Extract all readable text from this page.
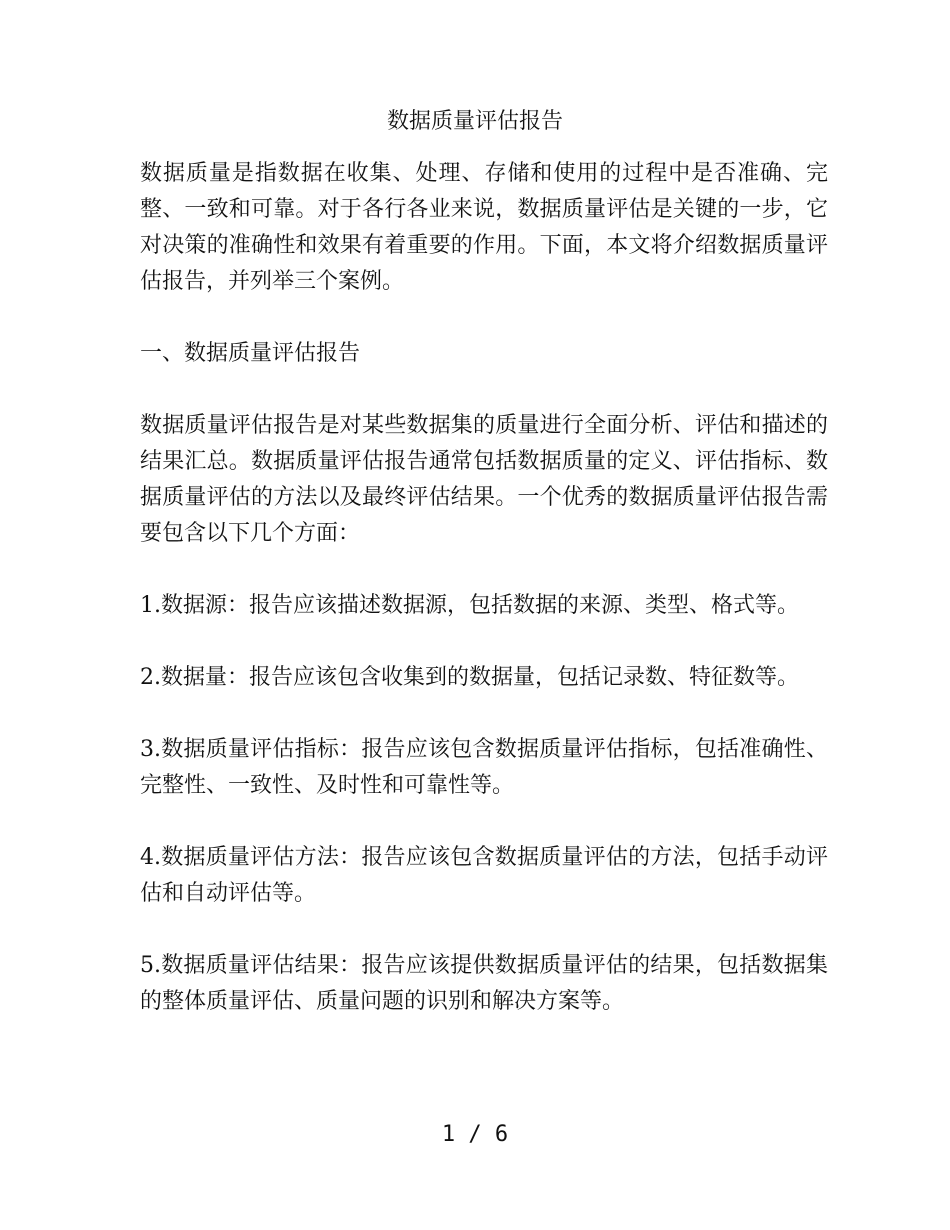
数据质量评估报告

数据质量是指数据在收集、处理、存储和使用的过程中是否准确、完整、一致和可靠。对于各行各业来说，数据质量评估是关键的一步，它对决策的准确性和效果有着重要的作用。下面，本文将介绍数据质量评估报告，并列举三个案例。

一、数据质量评估报告

数据质量评估报告是对某些数据集的质量进行全面分析、评估和描述的结果汇总。数据质量评估报告通常包括数据质量的定义、评估指标、数据质量评估的方法以及最终评估结果。一个优秀的数据质量评估报告需要包含以下几个方面：

1.数据源：报告应该描述数据源，包括数据的来源、类型、格式等。

2.数据量：报告应该包含收集到的数据量，包括记录数、特征数等。

3.数据质量评估指标：报告应该包含数据质量评估指标，包括准确性、完整性、一致性、及时性和可靠性等。

4.数据质量评估方法：报告应该包含数据质量评估的方法，包括手动评估和自动评估等。

5.数据质量评估结果：报告应该提供数据质量评估的结果，包括数据集的整体质量评估、质量问题的识别和解决方案等。

1 / 6
